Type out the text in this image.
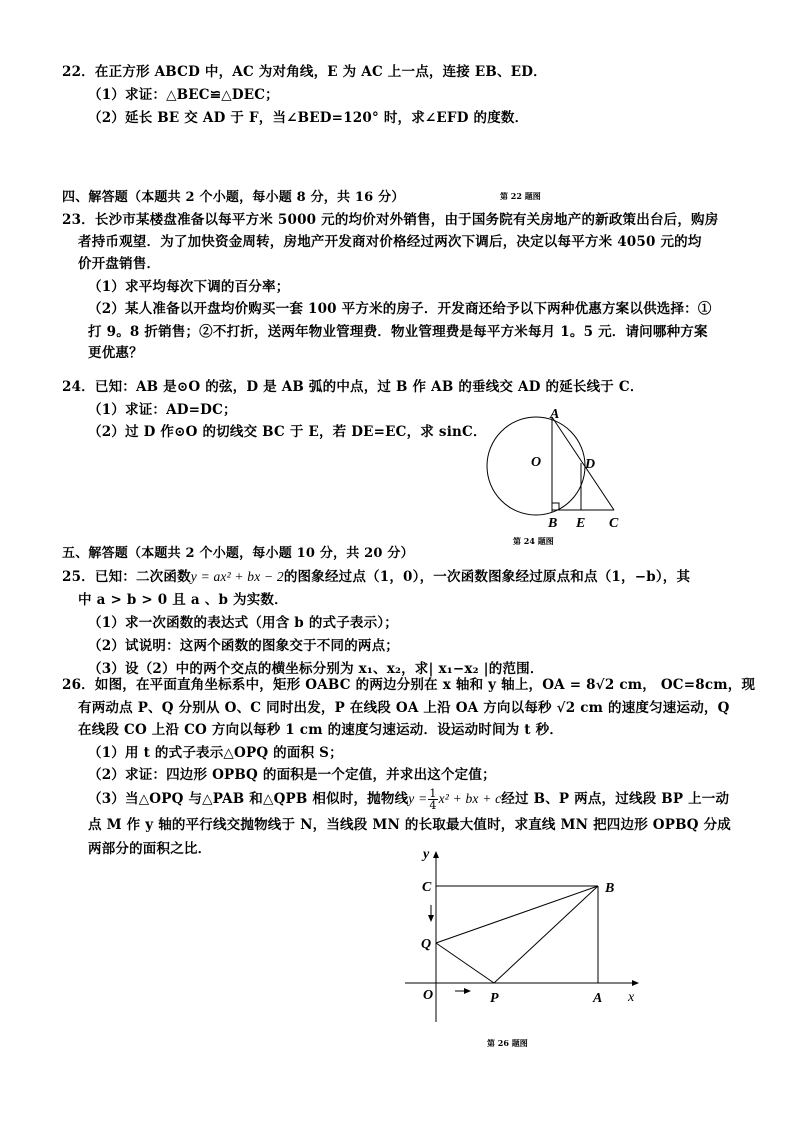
22．在正方形 ABCD 中，AC 为对角线，E 为 AC 上一点，连接 EB、ED．
（1）求证：△BEC≌△DEC；
（2）延长 BE 交 AD 于 F，当∠BED=120° 时，求∠EFD 的度数．
四、解答题（本题共 2 个小题，每小题 8 分，共 16 分）	第 22 题图
23．长沙市某楼盘准备以每平方米 5000 元的均价对外销售，由于国务院有关房地产的新政策出台后，购房
者持币观望．为了加快资金周转，房地产开发商对价格经过两次下调后，决定以每平方米 4050 元的均
价开盘销售．
（1）求平均每次下调的百分率；
（2）某人准备以开盘均价购买一套 100 平方米的房子．开发商还给予以下两种优惠方案以供选择：①
打 9。8 折销售；②不打折，送两年物业管理费．物业管理费是每平方米每月 1。5 元．请问哪种方案
更优惠？
24．已知：AB 是⊙O 的弦，D 是 AB 弧的中点，过 B 作 AB 的垂线交 AD 的延长线于 C．
（1）求证：AD=DC；
（2）过 D 作⊙O 的切线交 BC 于 E，若 DE=EC，求 sinC．
A
O	D
B E C
第 24 题图
五、解答题（本题共 2 个小题，每小题 10 分，共 20 分）
25．已知：二次函数y = ax² + bx − 2的图象经过点（1，0），一次函数图象经过原点和点（1，−b），其
中 a > b > 0 且 a 、b 为实数．
（1）求一次函数的表达式（用含 b 的式子表示）；
（2）试说明：这两个函数的图象交于不同的两点；
（3）设（2）中的两个交点的横坐标分别为 x₁、x₂，求| x₁−x₂ |的范围．
26．如图，在平面直角坐标系中，矩形 OABC 的两边分别在 x 轴和 y 轴上，OA = 8√2 cm， OC=8cm，现
有两动点 P、Q 分别从 O、C 同时出发，P 在线段 OA 上沿 OA 方向以每秒 √2 cm 的速度匀速运动，Q
在线段 CO 上沿 CO 方向以每秒 1 cm 的速度匀速运动．设运动时间为 t 秒．
（1）用 t 的式子表示△OPQ 的面积 S；
（2）求证：四边形 OPBQ 的面积是一个定值，并求出这个定值；
（3）当△OPQ 与△PAB 和△QPB 相似时，抛物线$y = \frac{1}{4} x^2$ + bx + c经过 B、P 两点，过线段 BP 上一动
点 M 作 y 轴的平行线交抛物线于 N，当线段 MN 的长取最大值时，求直线 MN 把四边形 OPBQ 分成
两部分的面积之比．	y
C	B
Q
O	P	A x
第 26 题图
